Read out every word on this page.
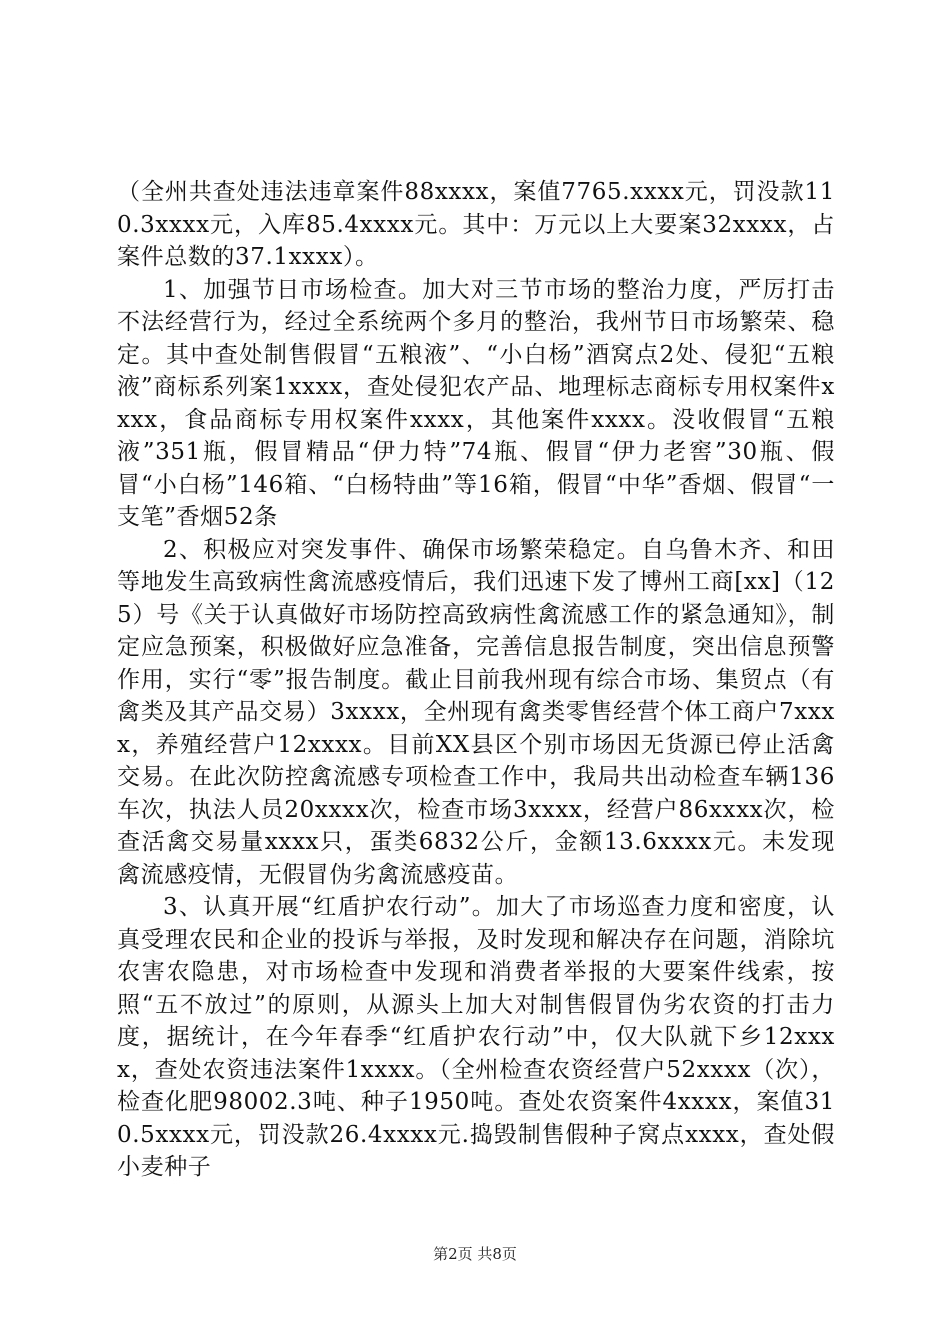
（全州共查处违法违章案件88xxxx，案值7765.xxxx元，罚没款110.3xxxx元，入库85.4xxxx元。其中：万元以上大要案32xxxx，占案件总数的37.1xxxx）。

1、加强节日市场检查。加大对三节市场的整治力度，严厉打击不法经营行为，经过全系统两个多月的整治，我州节日市场繁荣、稳定。其中查处制售假冒“五粮液”、“小白杨”酒窝点2处、侵犯“五粮液”商标系列案1xxxx，查处侵犯农产品、地理标志商标专用权案件xxxx，食品商标专用权案件xxxx，其他案件xxxx。没收假冒“五粮液”351瓶，假冒精品“伊力特”74瓶、假冒“伊力老窖”30瓶、假冒“小白杨”146箱、“白杨特曲”等16箱，假冒“中华”香烟、假冒“一支笔”香烟52条

2、积极应对突发事件、确保市场繁荣稳定。自乌鲁木齐、和田等地发生高致病性禽流感疫情后，我们迅速下发了博州工商[xx]（125）号《关于认真做好市场防控高致病性禽流感工作的紧急通知》，制定应急预案，积极做好应急准备，完善信息报告制度，突出信息预警作用，实行“零”报告制度。截止目前我州现有综合市场、集贸点（有禽类及其产品交易）3xxxx，全州现有禽类零售经营个体工商户7xxxx，养殖经营户12xxxx。目前XX县区个别市场因无货源已停止活禽交易。在此次防控禽流感专项检查工作中，我局共出动检查车辆136车次，执法人员20xxxx次，检查市场3xxxx，经营户86xxxx次，检查活禽交易量xxxx只，蛋类6832公斤，金额13.6xxxx元。未发现禽流感疫情，无假冒伪劣禽流感疫苗。

3、认真开展“红盾护农行动”。加大了市场巡查力度和密度，认真受理农民和企业的投诉与举报，及时发现和解决存在问题，消除坑农害农隐患，对市场检查中发现和消费者举报的大要案件线索，按照“五不放过”的原则，从源头上加大对制售假冒伪劣农资的打击力度，据统计，在今年春季“红盾护农行动”中，仅大队就下乡12xxxx，查处农资违法案件1xxxx。（全州检查农资经营户52xxxx（次），检查化肥98002.3吨、种子1950吨。查处农资案件4xxxx，案值310.5xxxx元，罚没款26.4xxxx元.捣毁制售假种子窝点xxxx，查处假小麦种子

第2页 共8页
